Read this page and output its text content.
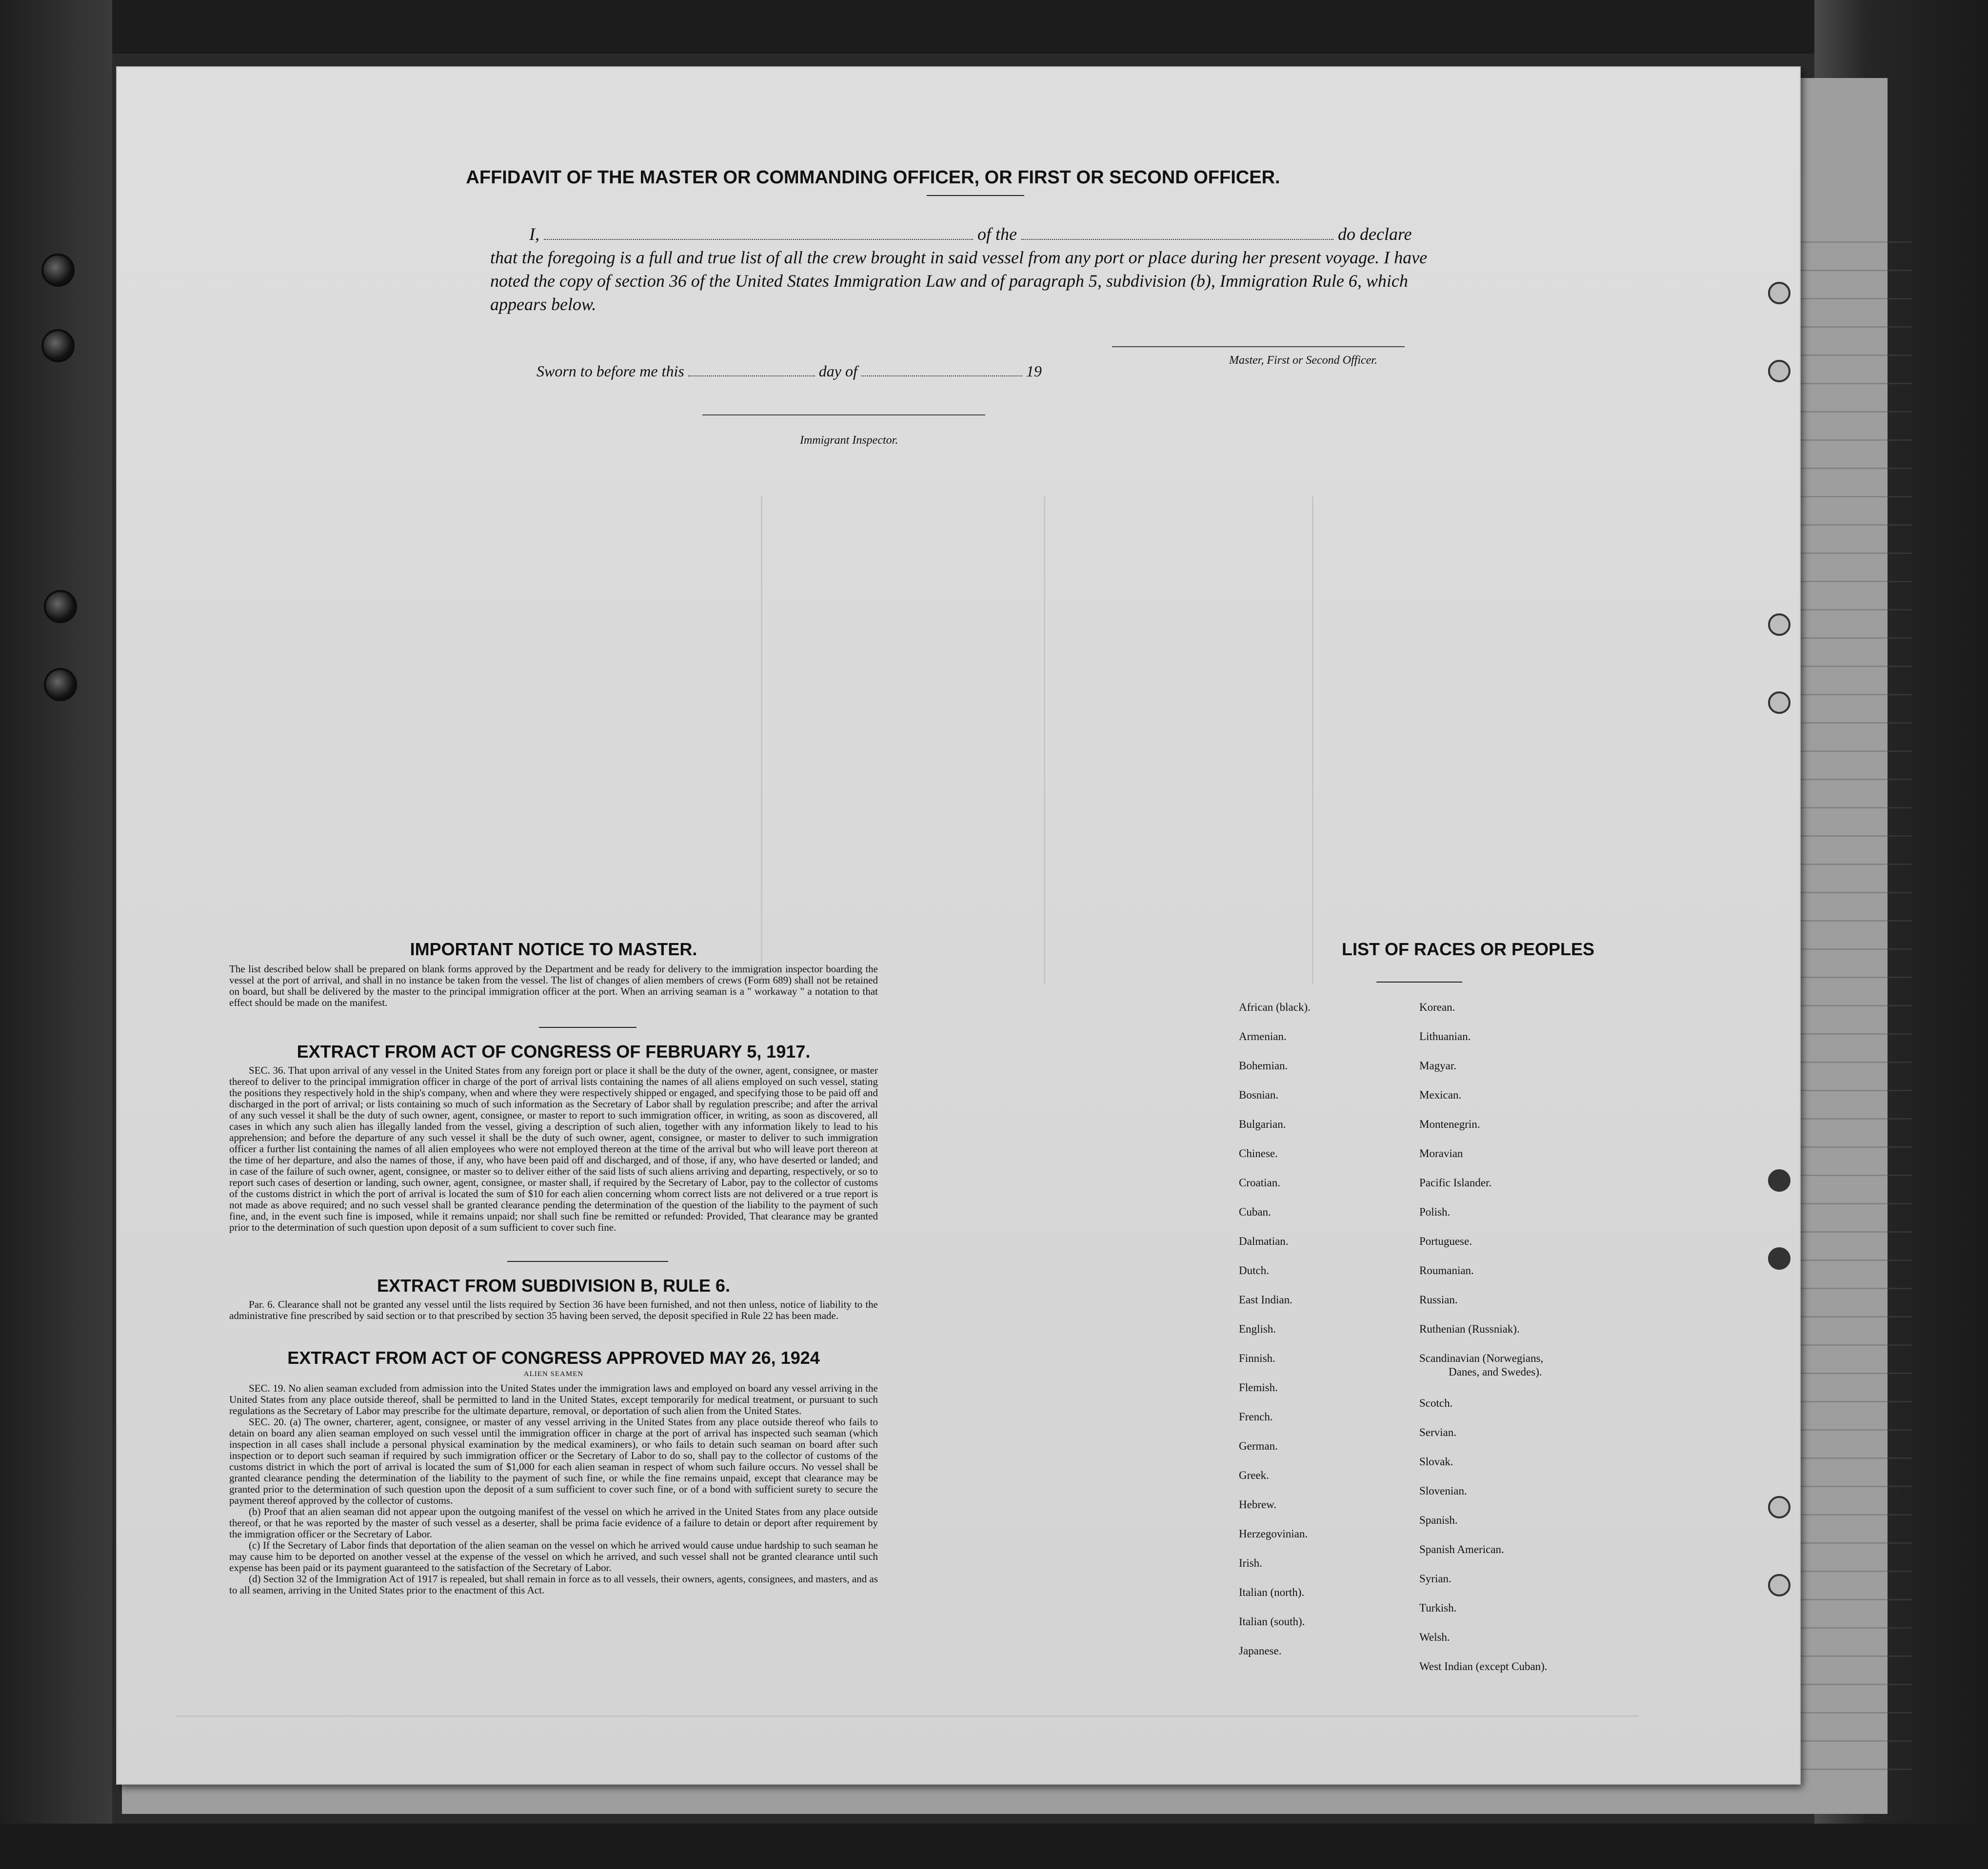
AFFIDAVIT OF THE MASTER OR COMMANDING OFFICER, OR FIRST OR SECOND OFFICER.
I,	of the	do declare
that the foregoing is a full and true list of all the crew brought in said vessel from any port or place during her present voyage. I have noted the copy of section 36 of the United States Immigration Law and of paragraph 5, subdivision (b), Immigration Rule 6, which appears below.
Master, First or Second Officer.
Sworn to before me this	day of	19
Immigrant Inspector.
IMPORTANT NOTICE TO MASTER.
The list described below shall be prepared on blank forms approved by the Department and be ready for delivery to the immigration inspector boarding the vessel at the port of arrival, and shall in no instance be taken from the vessel. The list of changes of alien members of crews (Form 689) shall not be retained on board, but shall be delivered by the master to the principal immigration officer at the port. When an arriving seaman is a " workaway " a notation to that effect should be made on the manifest.
EXTRACT FROM ACT OF CONGRESS OF FEBRUARY 5, 1917.

SEC. 36. That upon arrival of any vessel in the United States from any foreign port or place it shall be the duty of the owner, agent, consignee, or master thereof to deliver to the principal immigration officer in charge of the port of arrival lists containing the names of all aliens employed on such vessel, stating the positions they respectively hold in the ship's company, when and where they were respectively shipped or engaged, and specifying those to be paid off and discharged in the port of arrival; or lists containing so much of such information as the Secretary of Labor shall by regulation prescribe; and after the arrival of any such vessel it shall be the duty of such owner, agent, consignee, or master to report to such immigration officer, in writing, as soon as discovered, all cases in which any such alien has illegally landed from the vessel, giving a description of such alien, together with any information likely to lead to his apprehension; and before the departure of any such vessel it shall be the duty of such owner, agent, consignee, or master to deliver to such immigration officer a further list containing the names of all alien employees who were not employed thereon at the time of the arrival but who will leave port thereon at the time of her departure, and also the names of those, if any, who have been paid off and discharged, and of those, if any, who have deserted or landed; and in case of the failure of such owner, agent, consignee, or master so to deliver either of the said lists of such aliens arriving and departing, respectively, or so to report such cases of desertion or landing, such owner, agent, consignee, or master shall, if required by the Secretary of Labor, pay to the collector of customs of the customs district in which the port of arrival is located the sum of $10 for each alien concerning whom correct lists are not delivered or a true report is not made as above required; and no such vessel shall be granted clearance pending the determination of the question of the liability to the payment of such fine, and, in the event such fine is imposed, while it remains unpaid; nor shall such fine be remitted or refunded: Provided, That clearance may be granted prior to the determination of such question upon deposit of a sum sufficient to cover such fine.

EXTRACT FROM SUBDIVISION B, RULE 6.

Par. 6. Clearance shall not be granted any vessel until the lists required by Section 36 have been furnished, and not then unless, notice of liability to the administrative fine prescribed by said section or to that prescribed by section 35 having been served, the deposit specified in Rule 22 has been made.

EXTRACT FROM ACT OF CONGRESS APPROVED MAY 26, 1924
ALIEN SEAMEN

SEC. 19. No alien seaman excluded from admission into the United States under the immigration laws and employed on board any vessel arriving in the United States from any place outside thereof, shall be permitted to land in the United States, except temporarily for medical treatment, or pursuant to such regulations as the Secretary of Labor may prescribe for the ultimate departure, removal, or deportation of such alien from the United States.

SEC. 20. (a) The owner, charterer, agent, consignee, or master of any vessel arriving in the United States from any place outside thereof who fails to detain on board any alien seaman employed on such vessel until the immigration officer in charge at the port of arrival has inspected such seaman (which inspection in all cases shall include a personal physical examination by the medical examiners), or who fails to detain such seaman on board after such inspection or to deport such seaman if required by such immigration officer or the Secretary of Labor to do so, shall pay to the collector of customs of the customs district in which the port of arrival is located the sum of $1,000 for each alien seaman in respect of whom such failure occurs. No vessel shall be granted clearance pending the determination of the liability to the payment of such fine, or while the fine remains unpaid, except that clearance may be granted prior to the determination of such question upon the deposit of a sum sufficient to cover such fine, or of a bond with sufficient surety to secure the payment thereof approved by the collector of customs.

(b) Proof that an alien seaman did not appear upon the outgoing manifest of the vessel on which he arrived in the United States from any place outside thereof, or that he was reported by the master of such vessel as a deserter, shall be prima facie evidence of a failure to detain or deport after requirement by the immigration officer or the Secretary of Labor.

(c) If the Secretary of Labor finds that deportation of the alien seaman on the vessel on which he arrived would cause undue hardship to such seaman he may cause him to be deported on another vessel at the expense of the vessel on which he arrived, and such vessel shall not be granted clearance until such expense has been paid or its payment guaranteed to the satisfaction of the Secretary of Labor.

(d) Section 32 of the Immigration Act of 1917 is repealed, but shall remain in force as to all vessels, their owners, agents, consignees, and masters, and as to all seamen, arriving in the United States prior to the enactment of this Act.

LIST OF RACES OR PEOPLES
African (black).
Armenian.
Bohemian.
Bosnian.
Bulgarian.
Chinese.
Croatian.
Cuban.
Dalmatian.
Dutch.
East Indian.
English.
Finnish.
Flemish.
French.
German.
Greek.
Hebrew.
Herzegovinian.
Irish.
Italian (north).
Italian (south).
Japanese.
Korean.
Lithuanian.
Magyar.
Mexican.
Montenegrin.
Moravian
Pacific Islander.
Polish.
Portuguese.
Roumanian.
Russian.
Ruthenian (Russniak).
Scandinavian (Norwegians,
Danes, and Swedes).
Scotch.
Servian.
Slovak.
Slovenian.
Spanish.
Spanish American.
Syrian.
Turkish.
Welsh.
West Indian (except Cuban).
